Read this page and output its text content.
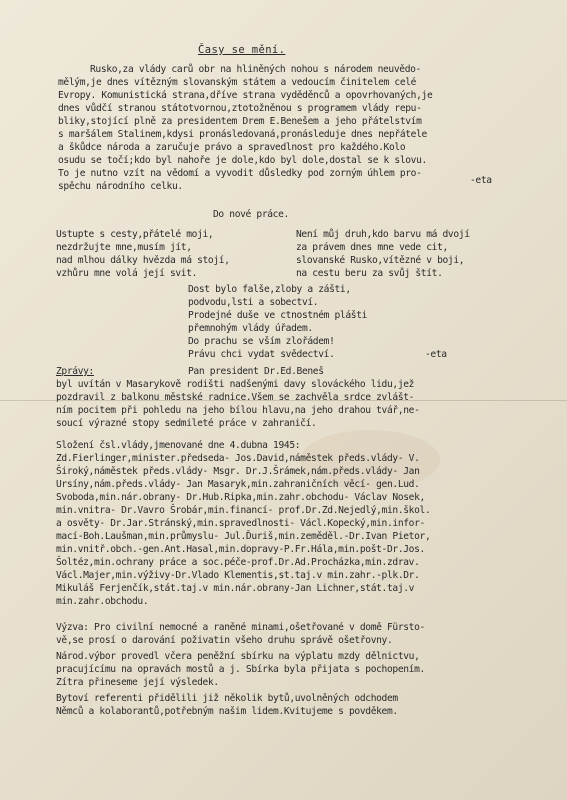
Časy se mění.
Rusko,za vlády carů obr na hliněných nohou s národem neuvědo-
mělým,je dnes vítězným slovanským státem a vedoucím činitelem celé
Evropy. Komunistická strana,dříve strana vyděděnců a opovrhovaných,je
dnes vůdčí stranou státotvornou,ztotožněnou s programem vlády repu-
bliky,stojící plně za presidentem Drem E.Benešem a jeho přátelstvím
s maršálem Stalinem,kdysi pronásledovaná,pronásleduje dnes nepřátele
a škůdce národa a zaručuje právo a spravedlnost pro každého.Kolo
osudu se točí;kdo byl nahoře je dole,kdo byl dole,dostal se k slovu.
To je nutno vzít na vědomí a vyvodit důsledky pod zorným úhlem pro-
spěchu národního celku.
-eta
Do nové práce.
Ustupte s cesty,přátelé moji,
nezdržujte mne,musím jít,
nad mlhou dálky hvězda má stojí,
vzhůru mne volá její svit.
Není můj druh,kdo barvu má dvojí
za právem dnes mne vede cit,
slovanské Rusko,vítězné v boji,
na cestu beru za svůj štít.
Dost bylo falše,zloby a zášti,
podvodu,lsti a sobectví.
Prodejné duše ve ctnostném plášti
přemnohým vlády úřadem.
Do prachu se vším zlořádem!
Právu chci vydat svědectví.	-eta
Zprávy:	Pan president Dr.Ed.Beneš
byl uvítán v Masarykově rodišti nadšenými davy slováckého lidu,jež
pozdravil z balkonu městské radnice.Všem se zachvěla srdce zvlášt-
ním pocitem při pohledu na jeho bílou hlavu,na jeho drahou tvář,ne-
soucí výrazné stopy sedmileté práce v zahraničí.
Složení čsl.vlády,jmenované dne 4.dubna 1945:
Zd.Fierlinger,minister.předseda- Jos.David,náměstek předs.vlády- V.
Široký,náměstek předs.vlády- Msgr. Dr.J.Šrámek,nám.předs.vlády- Jan
Ursíny,nám.předs.vlády- Jan Masaryk,min.zahraničních věcí- gen.Lud.
Svoboda,min.nár.obrany- Dr.Hub.Ripka,min.zahr.obchodu- Václav Nosek,
min.vnitra- Dr.Vavro Šrobár,min.financí- prof.Dr.Zd.Nejedlý,min.škol.
a osvěty- Dr.Jar.Stránský,min.spravedlnosti- Václ.Kopecký,min.infor-
mací-Boh.Laušman,min.průmyslu- Jul.Ďuriš,min.zeměděl.-Dr.Ivan Pietor,
min.vnitř.obch.-gen.Ant.Hasal,min.dopravy-P.Fr.Hála,min.pošt-Dr.Jos.
Šoltéz,min.ochrany práce a soc.péče-prof.Dr.Ad.Procházka,min.zdrav.
Václ.Majer,min.výživy-Dr.Vlado Klementis,st.taj.v min.zahr.-plk.Dr.
Mikuláš Ferjenčík,stát.taj.v min.nár.obrany-Jan Lichner,stát.taj.v
min.zahr.obchodu.
Výzva: Pro civilní nemocné a raněné minami,ošetřované v domě Fürsto-
vě,se prosí o darování poživatin všeho druhu správě ošetřovny.
Národ.výbor provedl včera peněžní sbírku na výplatu mzdy dělnictvu,
pracujícímu na opravách mostů a j. Sbírka byla přijata s pochopením.
Zítra přineseme její výsledek.
Bytoví referenti přidělili již několik bytů,uvolněných odchodem
Němců a kolaborantů,potřebným našim lidem.Kvitujeme s povděkem.
